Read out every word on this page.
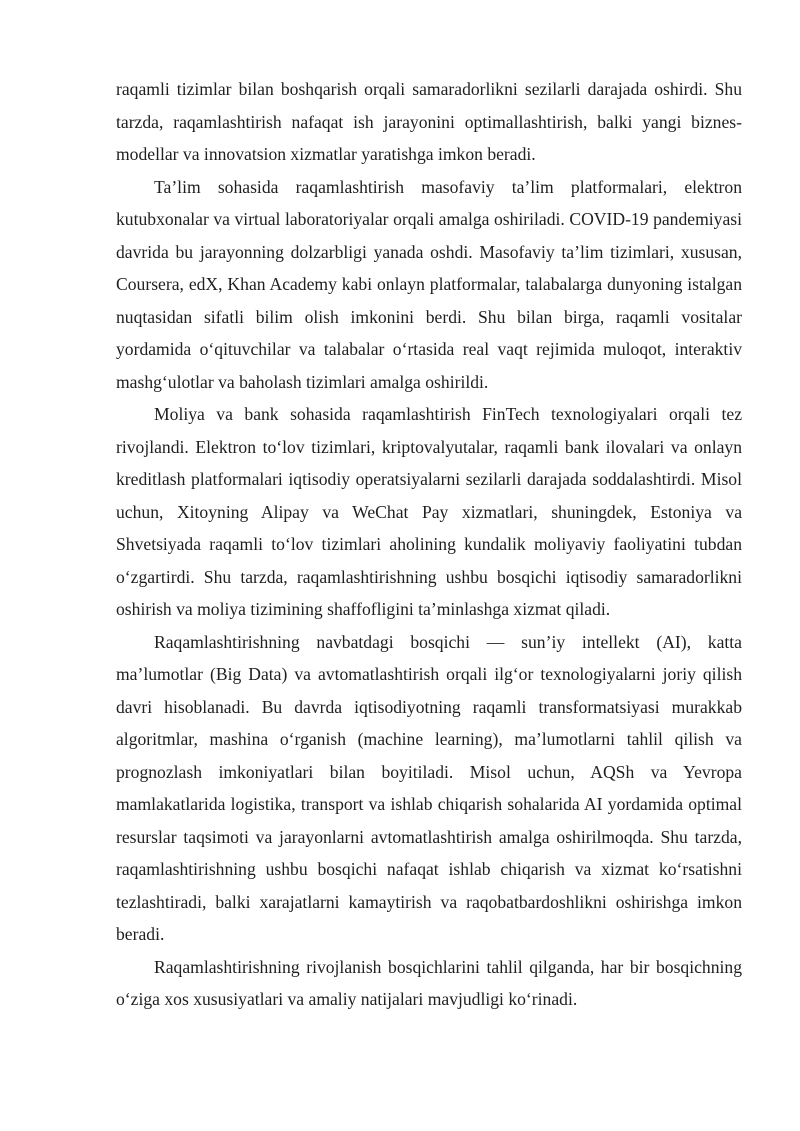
raqamli tizimlar bilan boshqarish orqali samaradorlikni sezilarli darajada oshirdi. Shu tarzda, raqamlashtirish nafaqat ish jarayonini optimallashtirish, balki yangi biznes-modellar va innovatsion xizmatlar yaratishga imkon beradi.

Ta’lim sohasida raqamlashtirish masofaviy ta’lim platformalari, elektron kutubxonalar va virtual laboratoriyalar orqali amalga oshiriladi. COVID-19 pandemiyasi davrida bu jarayonning dolzarbligi yanada oshdi. Masofaviy ta’lim tizimlari, xususan, Coursera, edX, Khan Academy kabi onlayn platformalar, talabalarga dunyoning istalgan nuqtasidan sifatli bilim olish imkonini berdi. Shu bilan birga, raqamli vositalar yordamida o‘qituvchilar va talabalar o‘rtasida real vaqt rejimida muloqot, interaktiv mashg‘ulotlar va baholash tizimlari amalga oshirildi.

Moliya va bank sohasida raqamlashtirish FinTech texnologiyalari orqali tez rivojlandi. Elektron to‘lov tizimlari, kriptovalyutalar, raqamli bank ilovalari va onlayn kreditlash platformalari iqtisodiy operatsiyalarni sezilarli darajada soddalashtirdi. Misol uchun, Xitoyning Alipay va WeChat Pay xizmatlari, shuningdek, Estoniya va Shvetsiyada raqamli to‘lov tizimlari aholining kundalik moliyaviy faoliyatini tubdan o‘zgartirdi. Shu tarzda, raqamlashtirishning ushbu bosqichi iqtisodiy samaradorlikni oshirish va moliya tizimining shaffofligini ta’minlashga xizmat qiladi.

Raqamlashtirishning navbatdagi bosqichi — sun’iy intellekt (AI), katta ma’lumotlar (Big Data) va avtomatlashtirish orqali ilg‘or texnologiyalarni joriy qilish davri hisoblanadi. Bu davrda iqtisodiyotning raqamli transformatsiyasi murakkab algoritmlar, mashina o‘rganish (machine learning), ma’lumotlarni tahlil qilish va prognozlash imkoniyatlari bilan boyitiladi. Misol uchun, AQSh va Yevropa mamlakatlarida logistika, transport va ishlab chiqarish sohalarida AI yordamida optimal resurslar taqsimoti va jarayonlarni avtomatlashtirish amalga oshirilmoqda. Shu tarzda, raqamlashtirishning ushbu bosqichi nafaqat ishlab chiqarish va xizmat ko‘rsatishni tezlashtiradi, balki xarajatlarni kamaytirish va raqobatbardoshlikni oshirishga imkon beradi.

Raqamlashtirishning rivojlanish bosqichlarini tahlil qilganda, har bir bosqichning o‘ziga xos xususiyatlari va amaliy natijalari mavjudligi ko‘rinadi.
